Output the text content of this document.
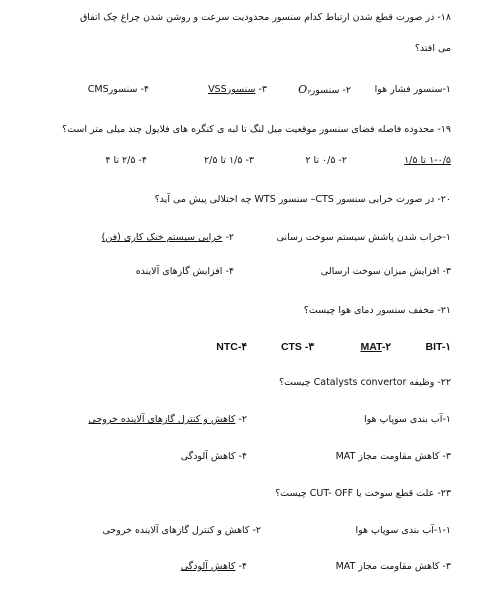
۱۸- در صورت قطع شدن ارتباط کدام سنسور محدودیت سرعت و روشن شدن چراغ چک اتفاق
می افتد؟
۱-سنسور فشار هوا
۲- سنسورO۲
۳- سنسورVSS
۴- سنسورCMS
۱۹- محدوده فاصله فضای سنسور موقعیت میل لنگ تا لبه ی کنگره های فلایول چند میلی متر است؟
۱-۰/۵ تا ۱/۵
۲- ۰/۵ تا ۲
۳- ۱/۵ تا ۲/۵
۴- ۲/۵ تا ۴
۲۰- در صورت خرابی سنسور CTS– سنسور WTS چه اختلالی پیش می آید؟
۱-خراب شدن پاشش سیستم سوخت رسانی
۲- خرابی سیستم خنک کاری (فن)
۳- افزایش میزان سوخت ارسالی
۴- افزایش گازهای آلاینده
۲۱- مخفف سنسور دمای هوا چیست؟
BIT-۱
MAT-۲
CTS -۳
NTC-۴
۲۲- وظیفه Catalysts convertor چیست؟
۱-آب بندی سوپاپ هوا
۲- کاهش و کنترل گازهای آلاینده خروجی
۳- کاهش مقاومت مجاز MAT
۴- کاهش آلودگی
۲۳- علت قطع سوخت یا CUT- OFF چیست؟
۱-۱-آب بندی سوپاپ هوا
۲- کاهش و کنترل گازهای آلاینده خروجی
۳- کاهش مقاومت مجاز MAT
۴- کاهش آلودگی
